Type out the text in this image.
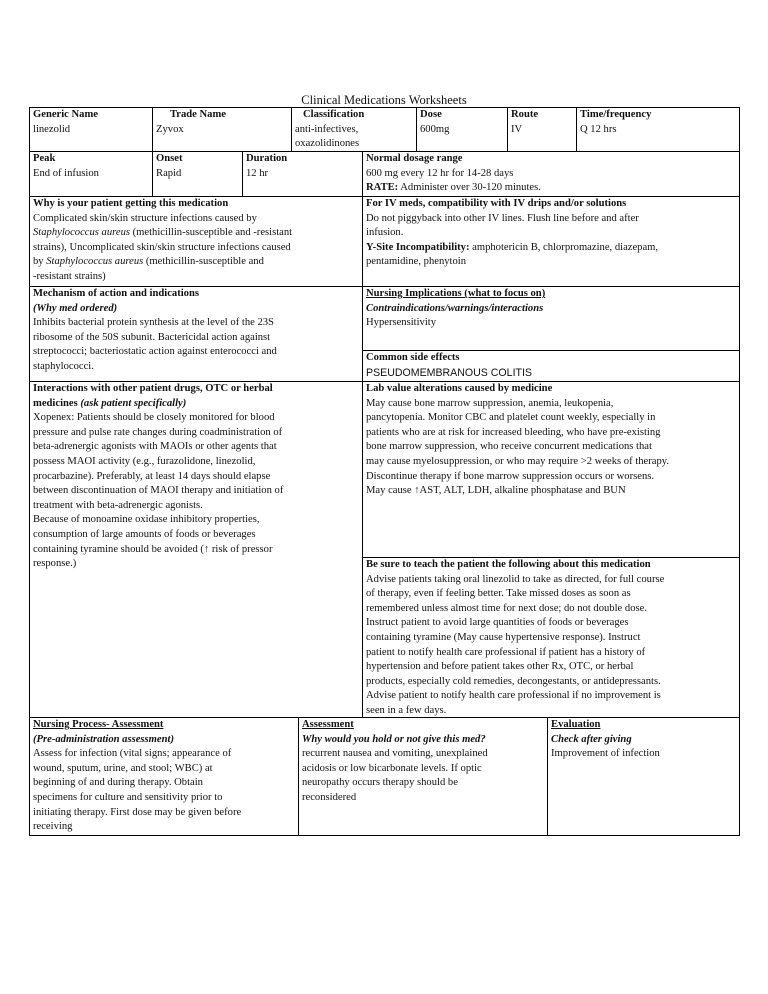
Clinical Medications Worksheets
Generic Name
linezolid
Trade Name
Zyvox
Classification
anti-infectives,
oxazolidinones
Dose
600mg
Route
IV
Time/frequency
Q 12 hrs
Peak
End of infusion
Onset
Rapid
Duration
12 hr
Normal dosage range
600 mg every 12 hr for 14-28 days
RATE: Administer over 30-120 minutes.
Why is your patient getting this medication
Complicated skin/skin structure infections caused by
Staphylococcus aureus (methicillin-susceptible and -resistant
strains), Uncomplicated skin/skin structure infections caused
by Staphylococcus aureus (methicillin-susceptible and
-resistant strains)
For IV meds, compatibility with IV drips and/or solutions
Do not piggyback into other IV lines. Flush line before and after
infusion.
Y-Site Incompatibility: amphotericin B, chlorpromazine, diazepam,
pentamidine, phenytoin
Mechanism of action and indications
(Why med ordered)
Inhibits bacterial protein synthesis at the level of the 23S
ribosome of the 50S subunit. Bactericidal action against
streptococci; bacteriostatic action against enterococci and
staphylococci.
Nursing Implications (what to focus on)
Contraindications/warnings/interactions
Hypersensitivity
Common side effects
PSEUDOMEMBRANOUS COLITIS
Interactions with other patient drugs, OTC or herbal
medicines (ask patient specifically)
Xopenex: Patients should be closely monitored for blood
pressure and pulse rate changes during coadministration of
beta-adrenergic agonists with MAOIs or other agents that
possess MAOI activity (e.g., furazolidone, linezolid,
procarbazine). Preferably, at least 14 days should elapse
between discontinuation of MAOI therapy and initiation of
treatment with beta-adrenergic agonists.
Because of monoamine oxidase inhibitory properties,
consumption of large amounts of foods or beverages
containing tyramine should be avoided (↑ risk of pressor
response.)
Lab value alterations caused by medicine
May cause bone marrow suppression, anemia, leukopenia,
pancytopenia. Monitor CBC and platelet count weekly, especially in
patients who are at risk for increased bleeding, who have pre-existing
bone marrow suppression, who receive concurrent medications that
may cause myelosuppression, or who may require >2 weeks of therapy.
Discontinue therapy if bone marrow suppression occurs or worsens.
May cause ↑AST, ALT, LDH, alkaline phosphatase and BUN
Be sure to teach the patient the following about this medication
Advise patients taking oral linezolid to take as directed, for full course
of therapy, even if feeling better. Take missed doses as soon as
remembered unless almost time for next dose; do not double dose.
Instruct patient to avoid large quantities of foods or beverages
containing tyramine (May cause hypertensive response). Instruct
patient to notify health care professional if patient has a history of
hypertension and before patient takes other Rx, OTC, or herbal
products, especially cold remedies, decongestants, or antidepressants.
Advise patient to notify health care professional if no improvement is
seen in a few days.
Nursing Process- Assessment
(Pre-administration assessment)
Assess for infection (vital signs; appearance of
wound, sputum, urine, and stool; WBC) at
beginning of and during therapy. Obtain
specimens for culture and sensitivity prior to
initiating therapy. First dose may be given before
receiving
Assessment
Why would you hold or not give this med?
recurrent nausea and vomiting, unexplained
acidosis or low bicarbonate levels. If optic
neuropathy occurs therapy should be
reconsidered
Evaluation
Check after giving
Improvement of infection
